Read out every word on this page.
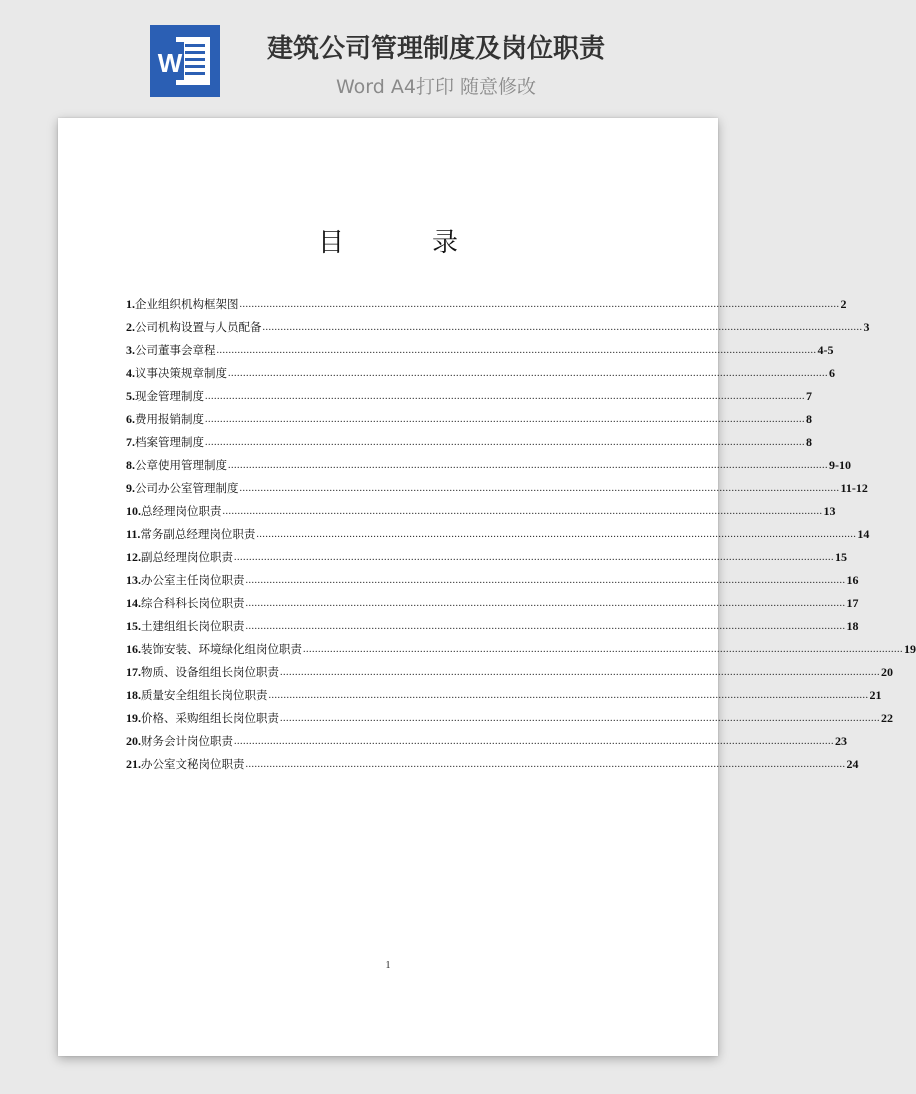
W	建筑公司管理制度及岗位职责
Word A4打印 随意修改
目录
1. 企业组织机构框架图 ........................................................................................................................................................................................................ 2
2. 公司机构设置与人员配备 ........................................................................................................................................................................................................ 3
3. 公司董事会章程 ........................................................................................................................................................................................................ 4-5
4. 议事决策规章制度 ........................................................................................................................................................................................................ 6
5. 现金管理制度 ........................................................................................................................................................................................................ 7
6. 费用报销制度 ........................................................................................................................................................................................................ 8
7. 档案管理制度 ........................................................................................................................................................................................................ 8
8. 公章使用管理制度 ........................................................................................................................................................................................................ 9-10
9. 公司办公室管理制度 ........................................................................................................................................................................................................ 11-12
10. 总经理岗位职责 ........................................................................................................................................................................................................ 13
11. 常务副总经理岗位职责 ........................................................................................................................................................................................................ 14
12. 副总经理岗位职责 ........................................................................................................................................................................................................ 15
13. 办公室主任岗位职责 ........................................................................................................................................................................................................ 16
14. 综合科科长岗位职责 ........................................................................................................................................................................................................ 17
15. 土建组组长岗位职责 ........................................................................................................................................................................................................ 18
16. 装饰安装、环境绿化组岗位职责 ........................................................................................................................................................................................................ 19
17. 物质、设备组组长岗位职责 ........................................................................................................................................................................................................ 20
18. 质量安全组组长岗位职责 ........................................................................................................................................................................................................ 21
19. 价格、采购组组长岗位职责 ........................................................................................................................................................................................................ 22
20. 财务会计岗位职责 ........................................................................................................................................................................................................ 23
21. 办公室文秘岗位职责 ........................................................................................................................................................................................................ 24
1
